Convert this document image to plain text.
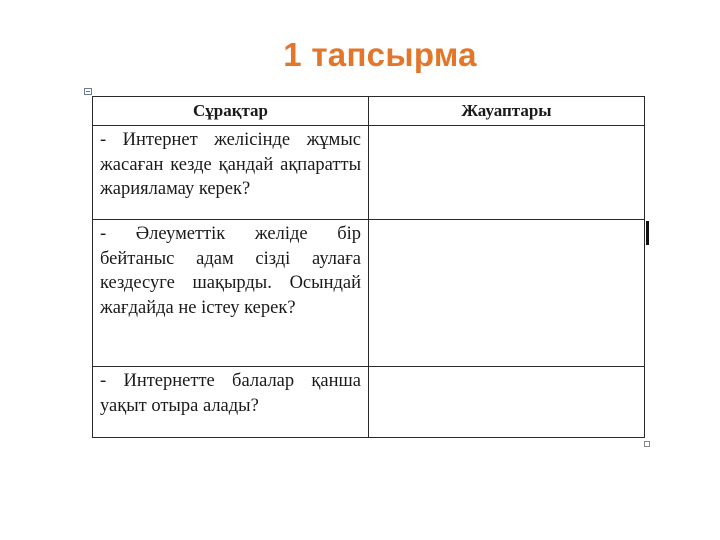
1 тапсырма
Сұрақтар	Жауаптары
- Интернет желісінде жұмыс жасаған кезде қандай ақпаратты жарияламау керек?	
- Әлеуметтік желіде бір бейтаныс адам сізді аулаға кездесуге шақырды. Осындай жағдайда не істеу керек?	
- Интернетте балалар қанша уақыт отыра алады?	
